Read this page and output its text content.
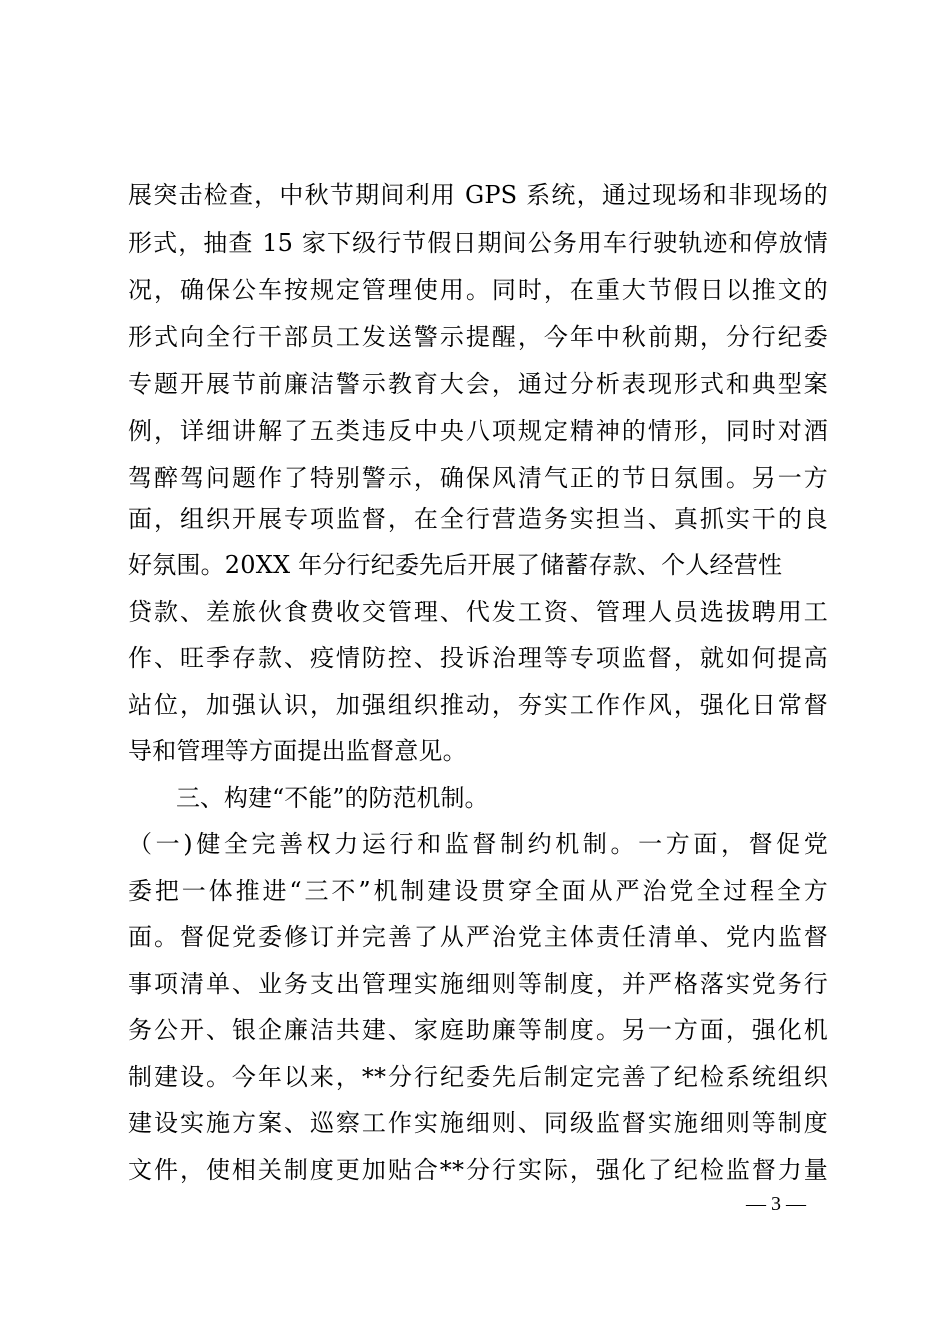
展突击检查，中秋节期间利用 GPS 系统，通过现场和非现场的
形式，抽查 15 家下级行节假日期间公务用车行驶轨迹和停放情
况，确保公车按规定管理使用。同时，在重大节假日以推文的
形式向全行干部员工发送警示提醒，今年中秋前期，分行纪委
专题开展节前廉洁警示教育大会，通过分析表现形式和典型案
例，详细讲解了五类违反中央八项规定精神的情形，同时对酒
驾醉驾问题作了特别警示，确保风清气正的节日氛围。另一方
面，组织开展专项监督，在全行营造务实担当、真抓实干的良
好氛围。20XX 年分行纪委先后开展了储蓄存款、个人经营性
贷款、差旅伙食费收交管理、代发工资、管理人员选拔聘用工
作、旺季存款、疫情防控、投诉治理等专项监督，就如何提高
站位，加强认识，加强组织推动，夯实工作作风，强化日常督
导和管理等方面提出监督意见。
三、构建“不能”的防范机制。
（一)健全完善权力运行和监督制约机制。一方面，督促党
委把一体推进“三不”机制建设贯穿全面从严治党全过程全方
面。督促党委修订并完善了从严治党主体责任清单、党内监督
事项清单、业务支出管理实施细则等制度，并严格落实党务行
务公开、银企廉洁共建、家庭助廉等制度。另一方面，强化机
制建设。今年以来，**分行纪委先后制定完善了纪检系统组织
建设实施方案、巡察工作实施细则、同级监督实施细则等制度
文件，使相关制度更加贴合**分行实际，强化了纪检监督力量
— 3 —
